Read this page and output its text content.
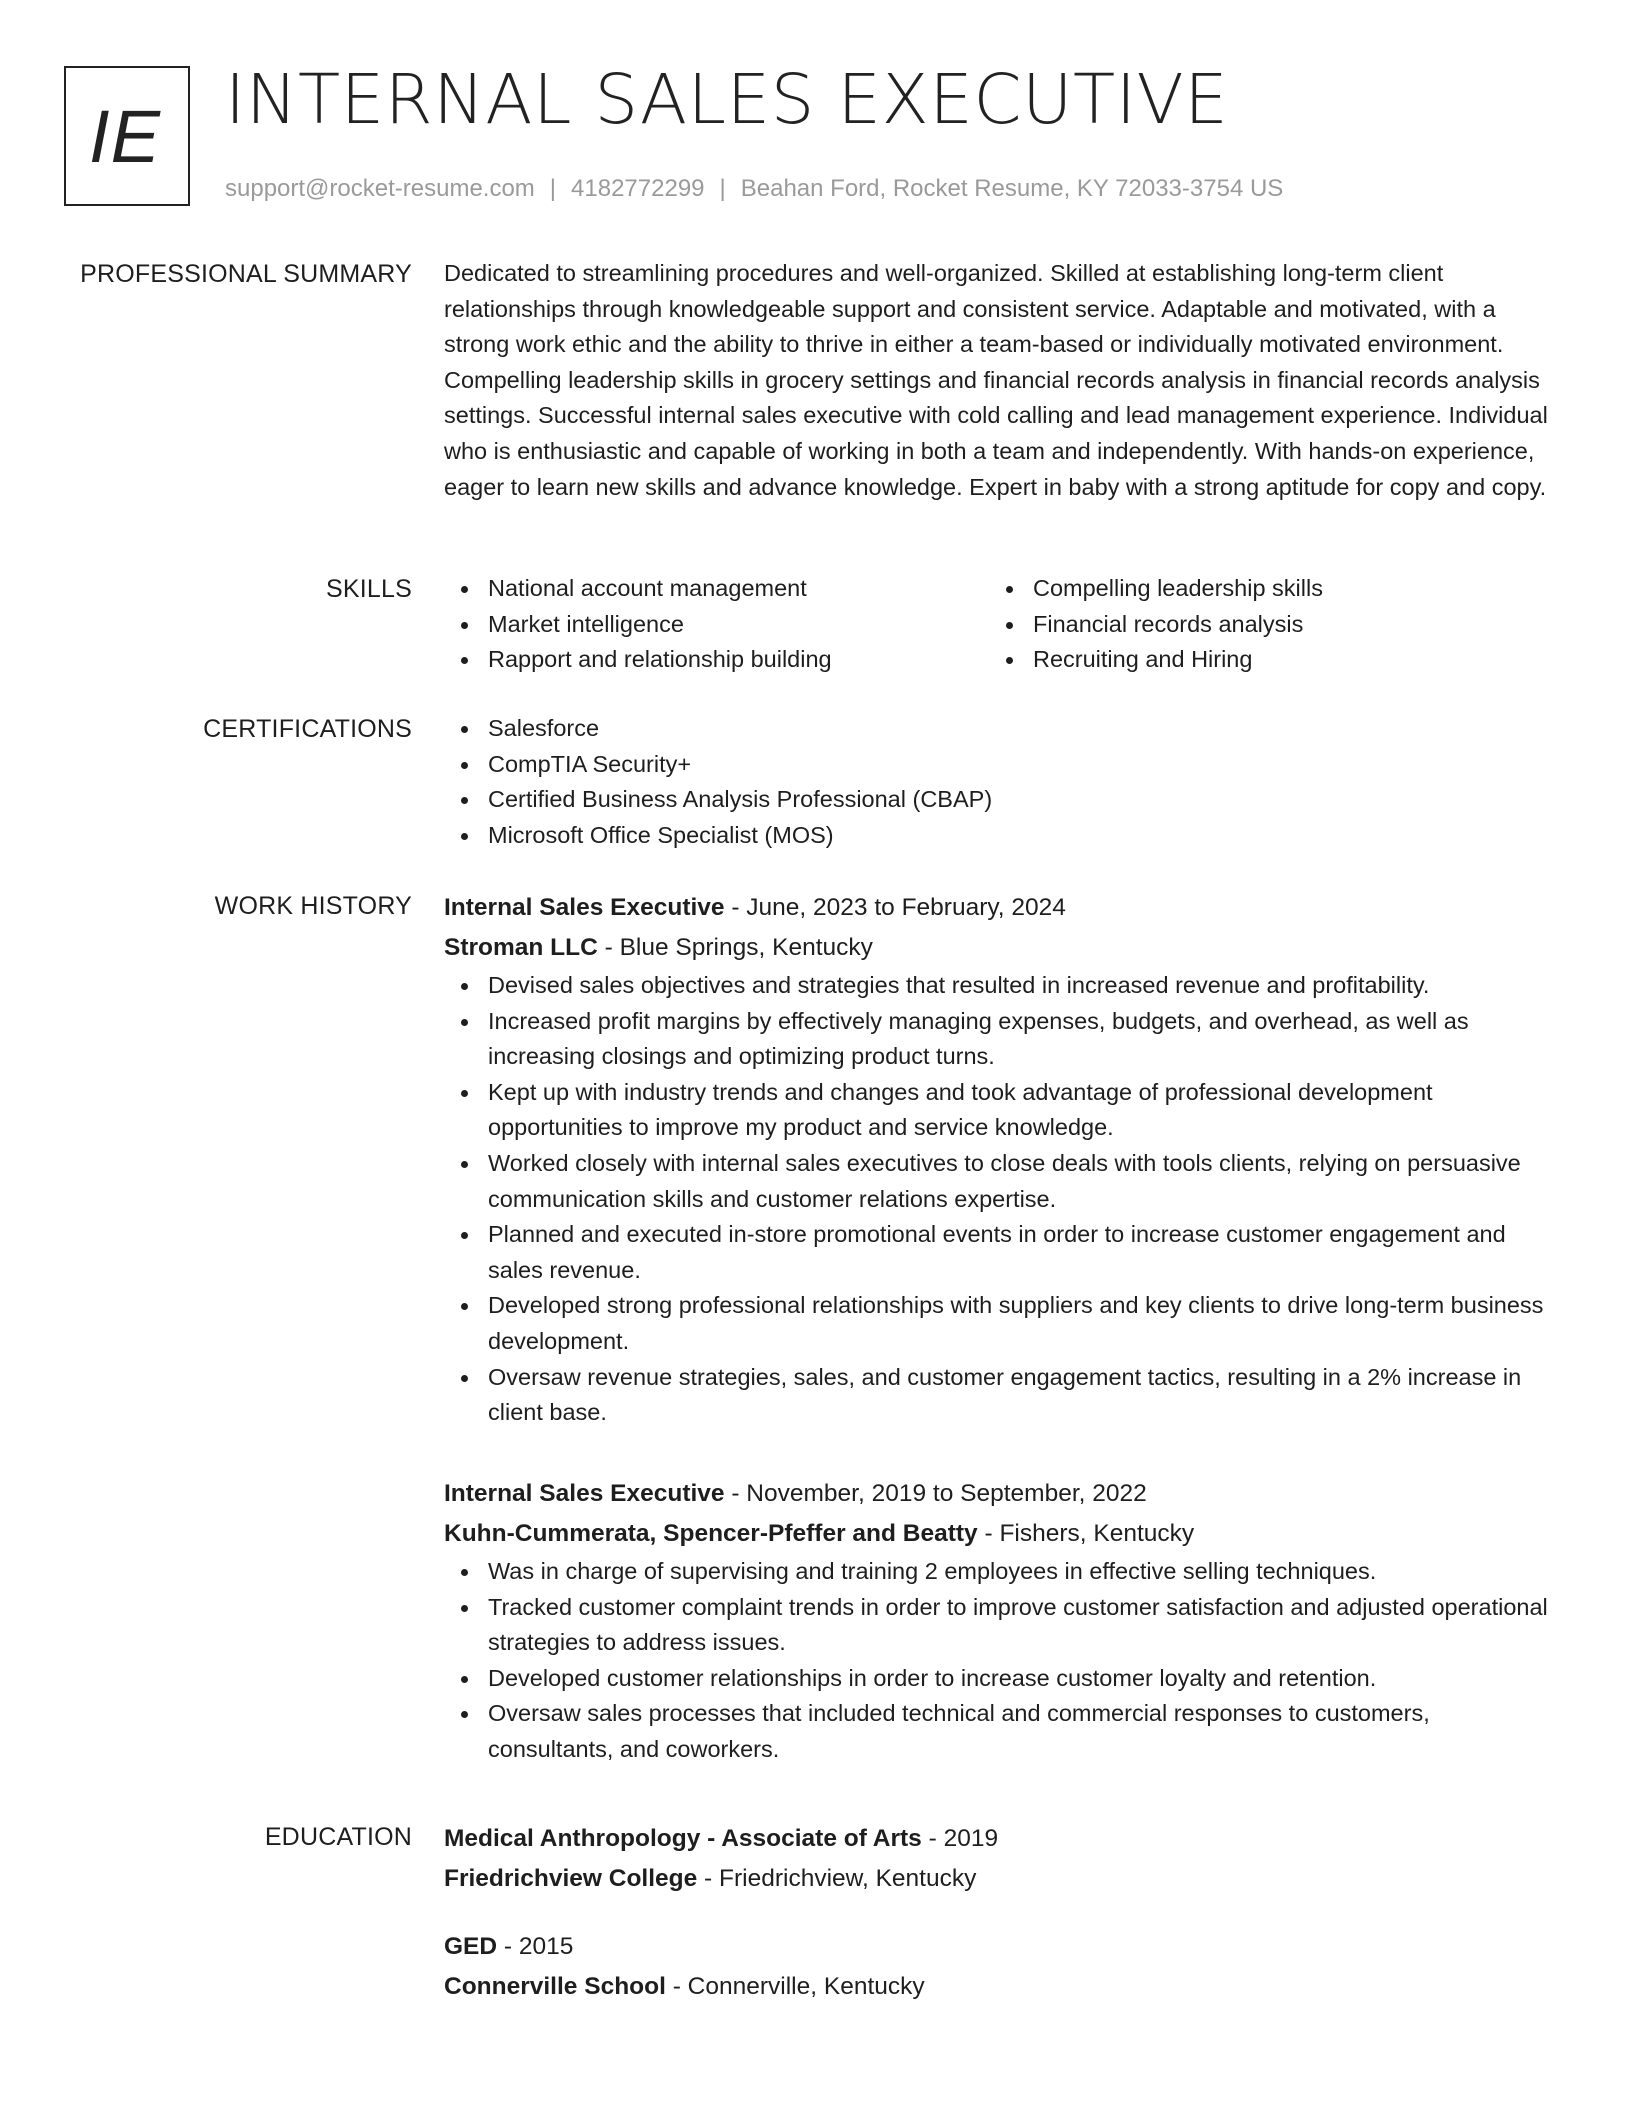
IE INTERNAL SALES EXECUTIVE
support@rocket-resume.com | 4182772299 | Beahan Ford, Rocket Resume, KY 72033-3754 US
PROFESSIONAL SUMMARY Dedicated to streamlining procedures and well-organized. Skilled at establishing long-term client relationships through knowledgeable support and consistent service. Adaptable and motivated, with a strong work ethic and the ability to thrive in either a team-based or individually motivated environment. Compelling leadership skills in grocery settings and financial records analysis in financial records analysis settings. Successful internal sales executive with cold calling and lead management experience. Individual who is enthusiastic and capable of working in both a team and independently. With hands-on experience, eager to learn new skills and advance knowledge. Expert in baby with a strong aptitude for copy and copy.

SKILLS	National account management
Market intelligence
Rapport and relationship building
Compelling leadership skills
Financial records analysis
Recruiting and Hiring
CERTIFICATIONS	Salesforce
CompTIA Security+
Certified Business Analysis Professional (CBAP)
Microsoft Office Specialist (MOS)
WORK HISTORY Internal Sales Executive - June, 2023 to February, 2024
Stroman LLC - Blue Springs, Kentucky
Devised sales objectives and strategies that resulted in increased revenue and profitability.
Increased profit margins by effectively managing expenses, budgets, and overhead, as well as increasing closings and optimizing product turns.
Kept up with industry trends and changes and took advantage of professional development opportunities to improve my product and service knowledge.
Worked closely with internal sales executives to close deals with tools clients, relying on persuasive communication skills and customer relations expertise.
Planned and executed in-store promotional events in order to increase customer engagement and sales revenue.
Developed strong professional relationships with suppliers and key clients to drive long-term business development.
Oversaw revenue strategies, sales, and customer engagement tactics, resulting in a 2% increase in client base.
Internal Sales Executive - November, 2019 to September, 2022
Kuhn-Cummerata, Spencer-Pfeffer and Beatty - Fishers, Kentucky
Was in charge of supervising and training 2 employees in effective selling techniques.
Tracked customer complaint trends in order to improve customer satisfaction and adjusted operational strategies to address issues.
Developed customer relationships in order to increase customer loyalty and retention.
Oversaw sales processes that included technical and commercial responses to customers, consultants, and coworkers.
EDUCATION Medical Anthropology - Associate of Arts - 2019
Friedrichview College - Friedrichview, Kentucky
GED - 2015
Connerville School - Connerville, Kentucky
